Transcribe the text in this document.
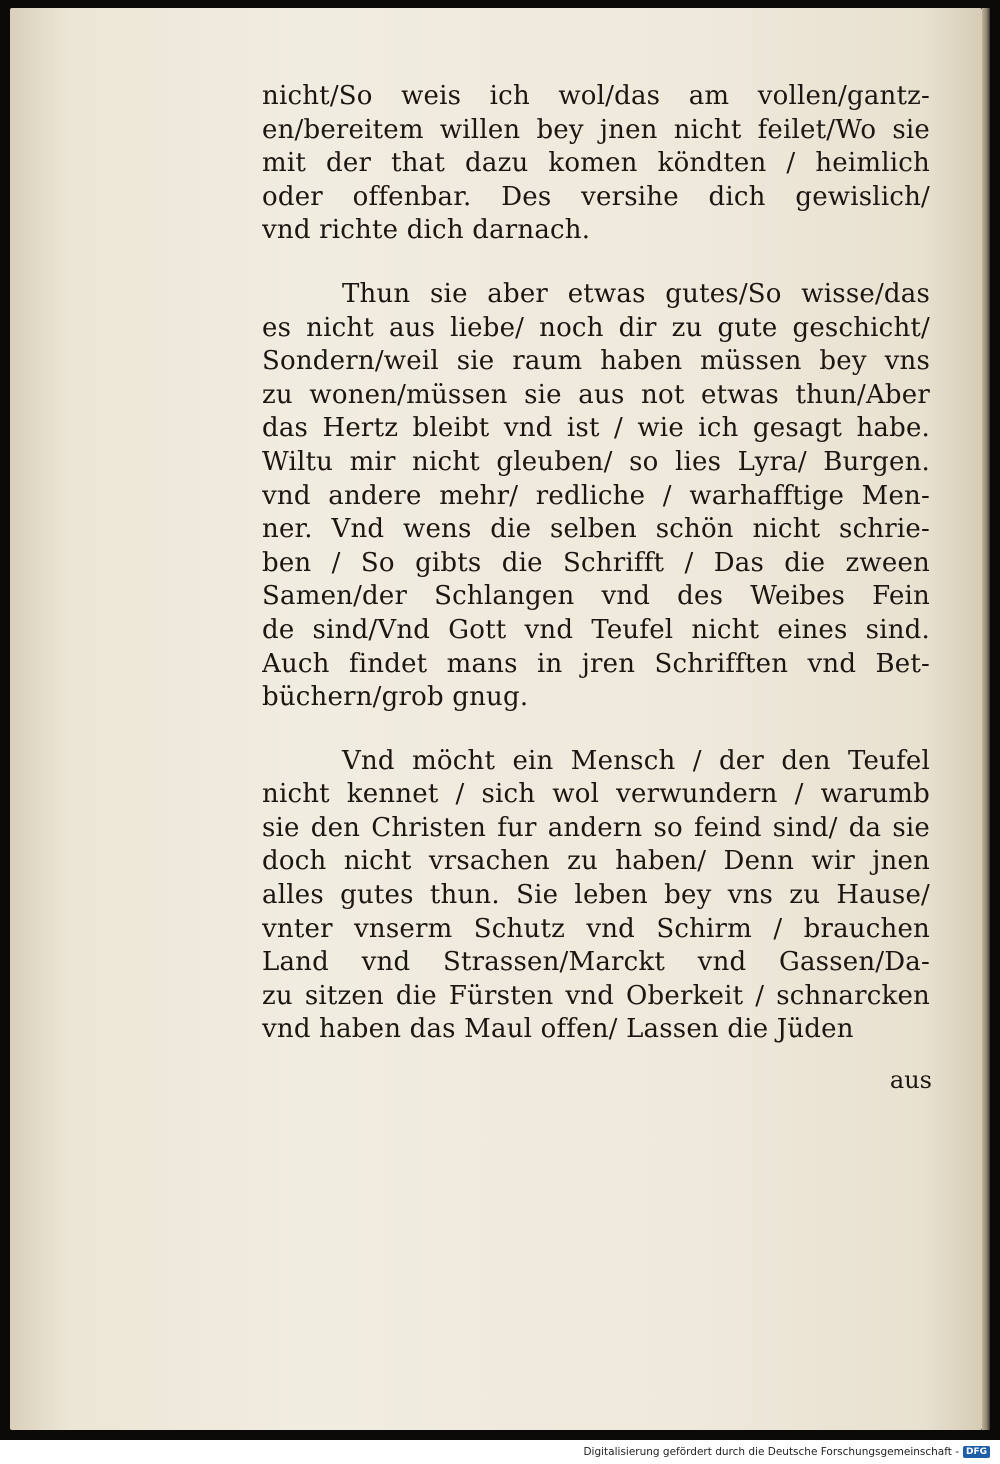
nicht/So weis ich wol/das am vollen/gantz-
en/bereitem willen bey jnen nicht feilet/Wo sie
mit der that dazu komen köndten / heimlich
oder offenbar. Des versihe dich gewislich/
vnd richte dich darnach.
Thun sie aber etwas gutes/So wisse/das
es nicht aus liebe/ noch dir zu gute geschicht/
Sondern/weil sie raum haben müssen bey vns
zu wonen/müssen sie aus not etwas thun/Aber
das Hertz bleibt vnd ist / wie ich gesagt habe.
Wiltu mir nicht gleuben/ so lies Lyra/ Burgen.
vnd andere mehr/ redliche / warhafftige Men-
ner. Vnd wens die selben schön nicht schrie-
ben / So gibts die Schrifft / Das die zween
Samen/der Schlangen vnd des Weibes Fein
de sind/Vnd Gott vnd Teufel nicht eines sind.
Auch findet mans in jren Schrifften vnd Bet-
büchern/grob gnug.
Vnd möcht ein Mensch / der den Teufel
nicht kennet / sich wol verwundern / warumb
sie den Christen fur andern so feind sind/ da sie
doch nicht vrsachen zu haben/ Denn wir jnen
alles gutes thun. Sie leben bey vns zu Hause/
vnter vnserm Schutz vnd Schirm / brauchen
Land vnd Strassen/Marckt vnd Gassen/Da-
zu sitzen die Fürsten vnd Oberkeit / schnarcken
vnd haben das Maul offen/ Lassen die Jüden
aus
Digitalisierung gefördert durch die Deutsche Forschungsgemeinschaft - DFG
